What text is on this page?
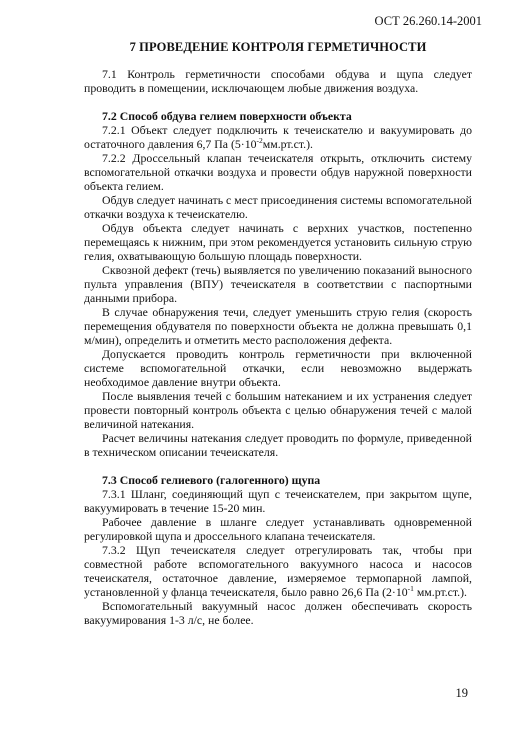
ОСТ 26.260.14-2001
7 ПРОВЕДЕНИЕ КОНТРОЛЯ ГЕРМЕТИЧНОСТИ

7.1 Контроль герметичности способами обдува и щупа следует проводить в помещении, исключающем любые движения воздуха.

7.2 Способ обдува гелием поверхности объекта

7.2.1 Объект следует подключить к течеискателю и вакуумировать до остаточного давления 6,7 Па $(5\cdot 10^{-2}мм.рт.ст.)$.

7.2.2 Дроссельный клапан течеискателя открыть, отключить систему вспомогательной откачки воздуха и провести обдув наружной поверхности объекта гелием.

Обдув следует начинать с мест присоединения системы вспомогательной откачки воздуха к течеискателю.

Обдув объекта следует начинать с верхних участков, постепенно перемещаясь к нижним, при этом рекомендуется установить сильную струю гелия, охватывающую большую площадь поверхности.

Сквозной дефект (течь) выявляется по увеличению показаний выносного пульта управления (ВПУ) течеискателя в соответствии с паспортными данными прибора.

В случае обнаружения течи, следует уменьшить струю гелия (скорость перемещения обдувателя по поверхности объекта не должна превышать 0,1 м/мин), определить и отметить место расположения дефекта.

Допускается проводить контроль герметичности при включенной системе вспомогательной откачки, если невозможно выдержать необходимое давление внутри объекта.

После выявления течей с большим натеканием и их устранения следует провести повторный контроль объекта с целью обнаружения течей с малой величиной натекания.

Расчет величины натекания следует проводить по формуле, приведенной в техническом описании течеискателя.

7.3 Способ гелиевого (галогенного) щупа

7.3.1 Шланг, соединяющий щуп с течеискателем, при закрытом щупе, вакуумировать в течение 15-20 мин.

Рабочее давление в шланге следует устанавливать одновременной регулировкой щупа и дроссельного клапана течеискателя.

7.3.2 Щуп течеискателя следует отрегулировать так, чтобы при совместной работе вспомогательного вакуумного насоса и насосов течеискателя, остаточное давление, измеряемое термопарной лампой, установленной у фланца течеискателя, было равно 26,6 Па ($2\cdot 10^{-1}$ мм.рт.ст.).

Вспомогательный вакуумный насос должен обеспечивать скорость вакуумирования 1-3 л/с, не более.

19
